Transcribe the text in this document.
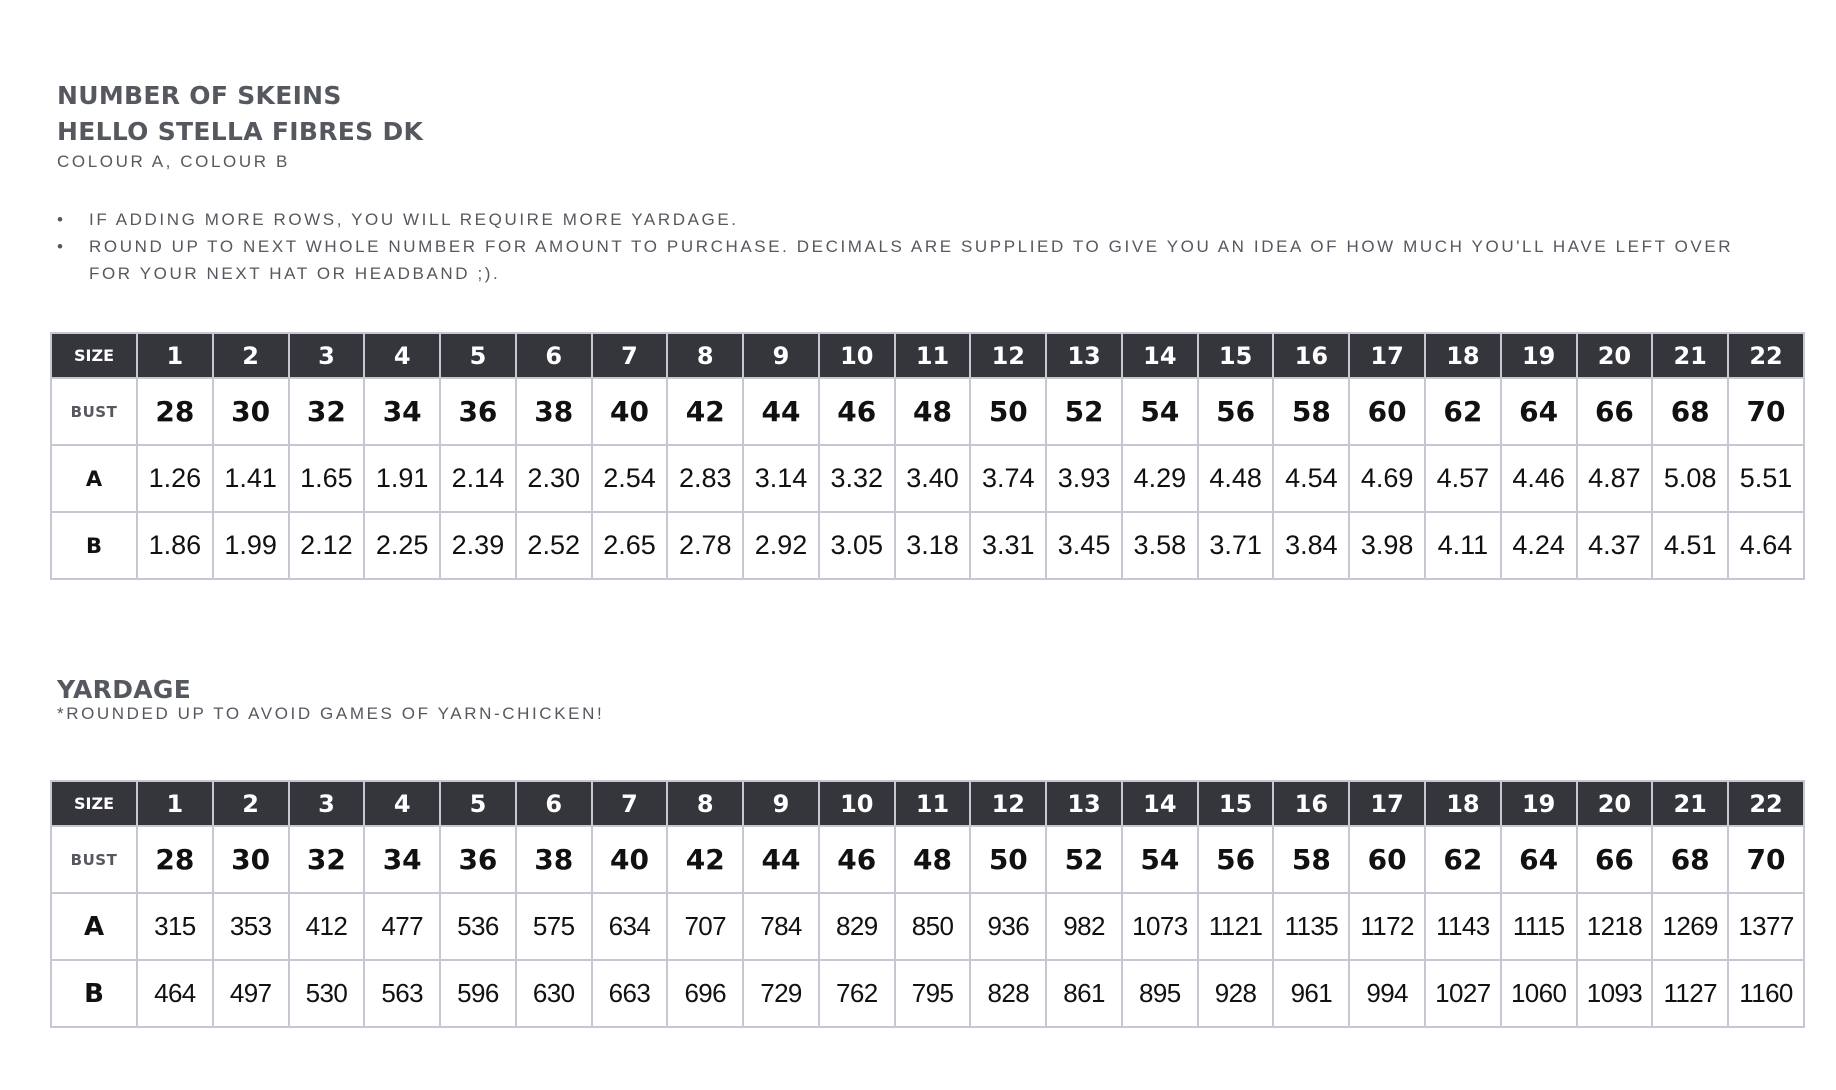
NUMBER OF SKEINS

HELLO STELLA FIBRES DK

COLOUR A, COLOUR B

• IF ADDING MORE ROWS, YOU WILL REQUIRE MORE YARDAGE.
• ROUND UP TO NEXT WHOLE NUMBER FOR AMOUNT TO PURCHASE. DECIMALS ARE SUPPLIED TO GIVE YOU AN IDEA OF HOW MUCH YOU'LL HAVE LEFT OVER FOR YOUR NEXT HAT OR HEADBAND ;).
SIZE	1	2	3	4	5	6	7	8	9	10	11	12	13	14	15	16	17	18	19	20	21	22
BUST	28	30	32	34	36	38	40	42	44	46	48	50	52	54	56	58	60	62	64	66	68	70
A	1.26	1.41	1.65	1.91	2.14	2.30	2.54	2.83	3.14	3.32	3.40	3.74	3.93	4.29	4.48	4.54	4.69	4.57	4.46	4.87	5.08	5.51
B	1.86	1.99	2.12	2.25	2.39	2.52	2.65	2.78	2.92	3.05	3.18	3.31	3.45	3.58	3.71	3.84	3.98	4.11	4.24	4.37	4.51	4.64

YARDAGE

*ROUNDED UP TO AVOID GAMES OF YARN-CHICKEN!

SIZE	1	2	3	4	5	6	7	8	9	10	11	12	13	14	15	16	17	18	19	20	21	22
BUST	28	30	32	34	36	38	40	42	44	46	48	50	52	54	56	58	60	62	64	66	68	70
A	315	353	412	477	536	575	634	707	784	829	850	936	982	1073	1121	1135	1172	1143	1115	1218	1269	1377
B	464	497	530	563	596	630	663	696	729	762	795	828	861	895	928	961	994	1027	1060	1093	1127	1160
